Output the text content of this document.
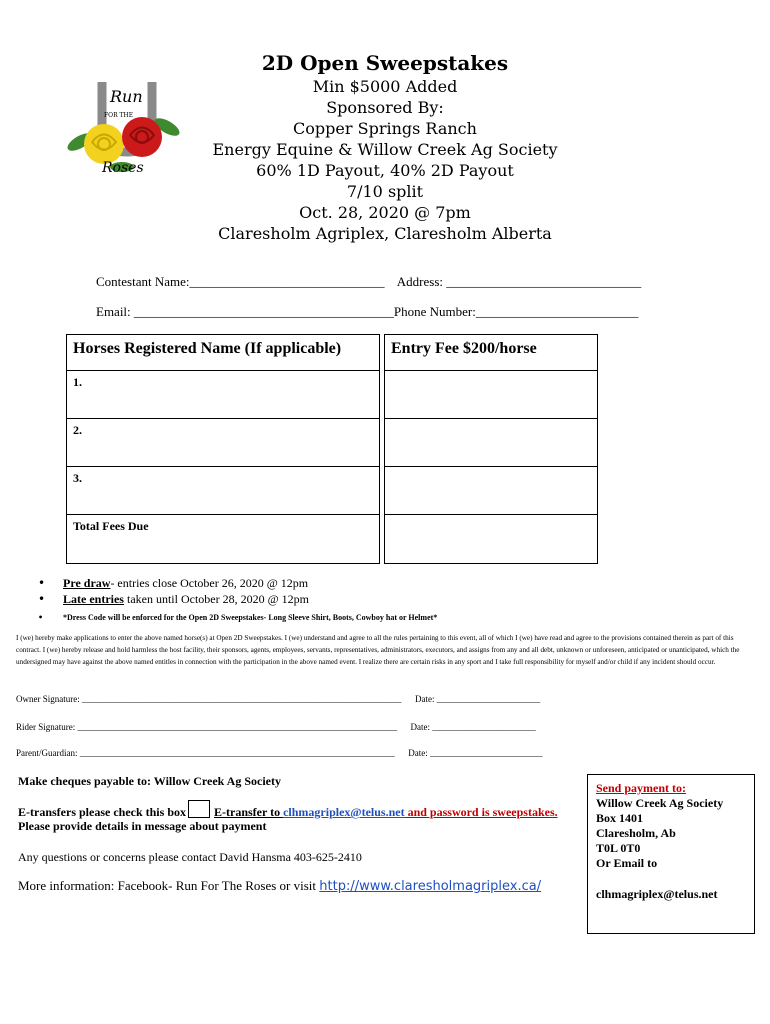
Run
FOR THE
Roses
2D Open Sweepstakes
Min $5000 Added
Sponsored By:
Copper Springs Ranch
Energy Equine & Willow Creek Ag Society
60% 1D Payout, 40% 2D Payout
7/10 split
Oct. 28, 2020 @ 7pm
Claresholm Agriplex, Claresholm Alberta
Contestant Name:______________________________    Address: ______________________________
Email: ________________________________________Phone Number:_________________________
Horses Registered Name (If applicable)		Entry Fee $200/horse
1.		
2.		
3.		
Total Fees Due		
• Pre draw- entries close October 26, 2020 @ 12pm
• Late entries taken until October 28, 2020 @ 12pm
• *Dress Code will be enforced for the Open 2D Sweepstakes- Long Sleeve Shirt, Boots, Cowboy hat or Helmet*
I (we) hereby make applications to enter the above named horse(s) at Open 2D Sweepstakes. I (we) understand and agree to all the rules pertaining to this event, all of which I (we) have read and agree to the provisions contained therein as part of this contract. I (we) hereby release and hold harmless the host facility, their sponsors, agents, employees, servants, representatives, administrators, executors, and assigns from any and all debt, unknown or unforeseen, anticipated or unanticipated, which the undersigned may have against the above named entitles in connection with the participation in the above named event. I realize there are certain risks in any sport and I take full responsibility for myself and/or child if any incident should occur.
Owner Signature: _______________________________________________________________________      Date: _______________________
Rider Signature: _______________________________________________________________________      Date: _______________________
Parent/Guardian: ______________________________________________________________________      Date: _________________________
Make cheques payable to: Willow Creek Ag Society
E-transfers please check this box E-transfer to clhmagriplex@telus.net and password is sweepstakes.
Please provide details in message about payment
Any questions or concerns please contact David Hansma 403-625-2410
More information: Facebook- Run For The Roses or visit http://www.claresholmagriplex.ca/
Send payment to:
Willow Creek Ag Society
Box 1401
Claresholm, Ab
T0L 0T0
Or Email to
clhmagriplex@telus.net
